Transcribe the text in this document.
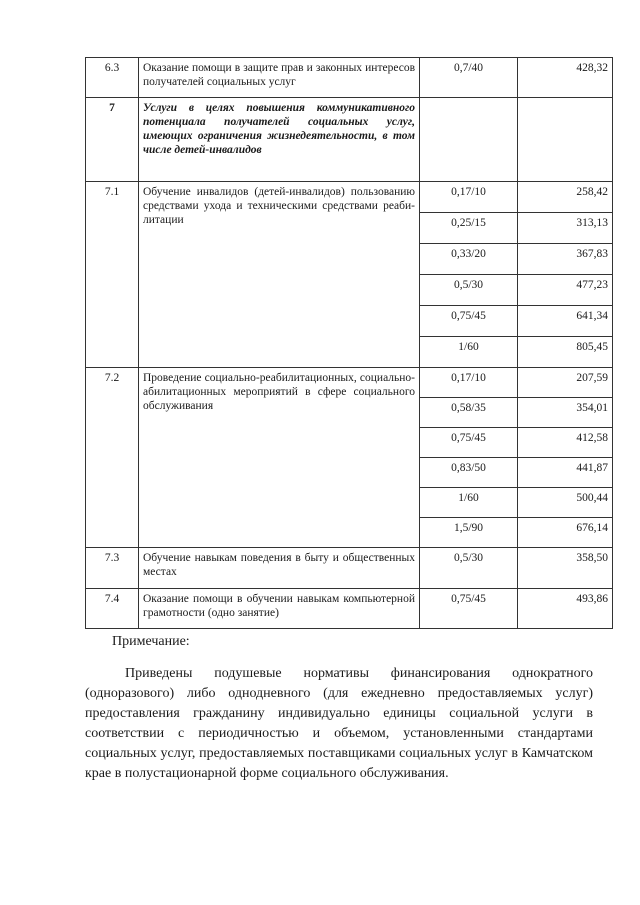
6.3	Оказание помощи в защите прав и законных интересов получателей социальных услуг	0,7/40	428,32
7	Услуги в целях повышения коммуникативного потенциала получателей социальных услуг, имеющих ограничения жизнедеятельности, в том числе детей-инвалидов		
7.1	Обучение инвалидов (детей-инвалидов) пользованию средствами ухода и техническими средствами реаби- литации	0,17/10	258,42
		0,25/15	313,13
		0,33/20	367,83
		0,5/30	477,23
		0,75/45	641,34
		1/60	805,45
7.2	Проведение социально-реабилитационных, социально-абилитационных мероприятий в сфере социального обслуживания	0,17/10	207,59
		0,58/35	354,01
		0,75/45	412,58
		0,83/50	441,87
		1/60	500,44
		1,5/90	676,14
7.3	Обучение навыкам поведения в быту и общественных местах	0,5/30	358,50
7.4	Оказание помощи в обучении навыкам компьютерной грамотности (одно занятие)	0,75/45	493,86
Примечание:

Приведены подушевые нормативы финансирования однократного (одноразового) либо однодневного (для ежедневно предоставляемых услуг) предоставления гражданину индивидуально единицы социальной услуги в соответствии с периодичностью и объемом, установленными стандартами социальных услуг, предоставляемых поставщиками социальных услуг в Камчатском крае в полустационарной форме социального обслуживания.
